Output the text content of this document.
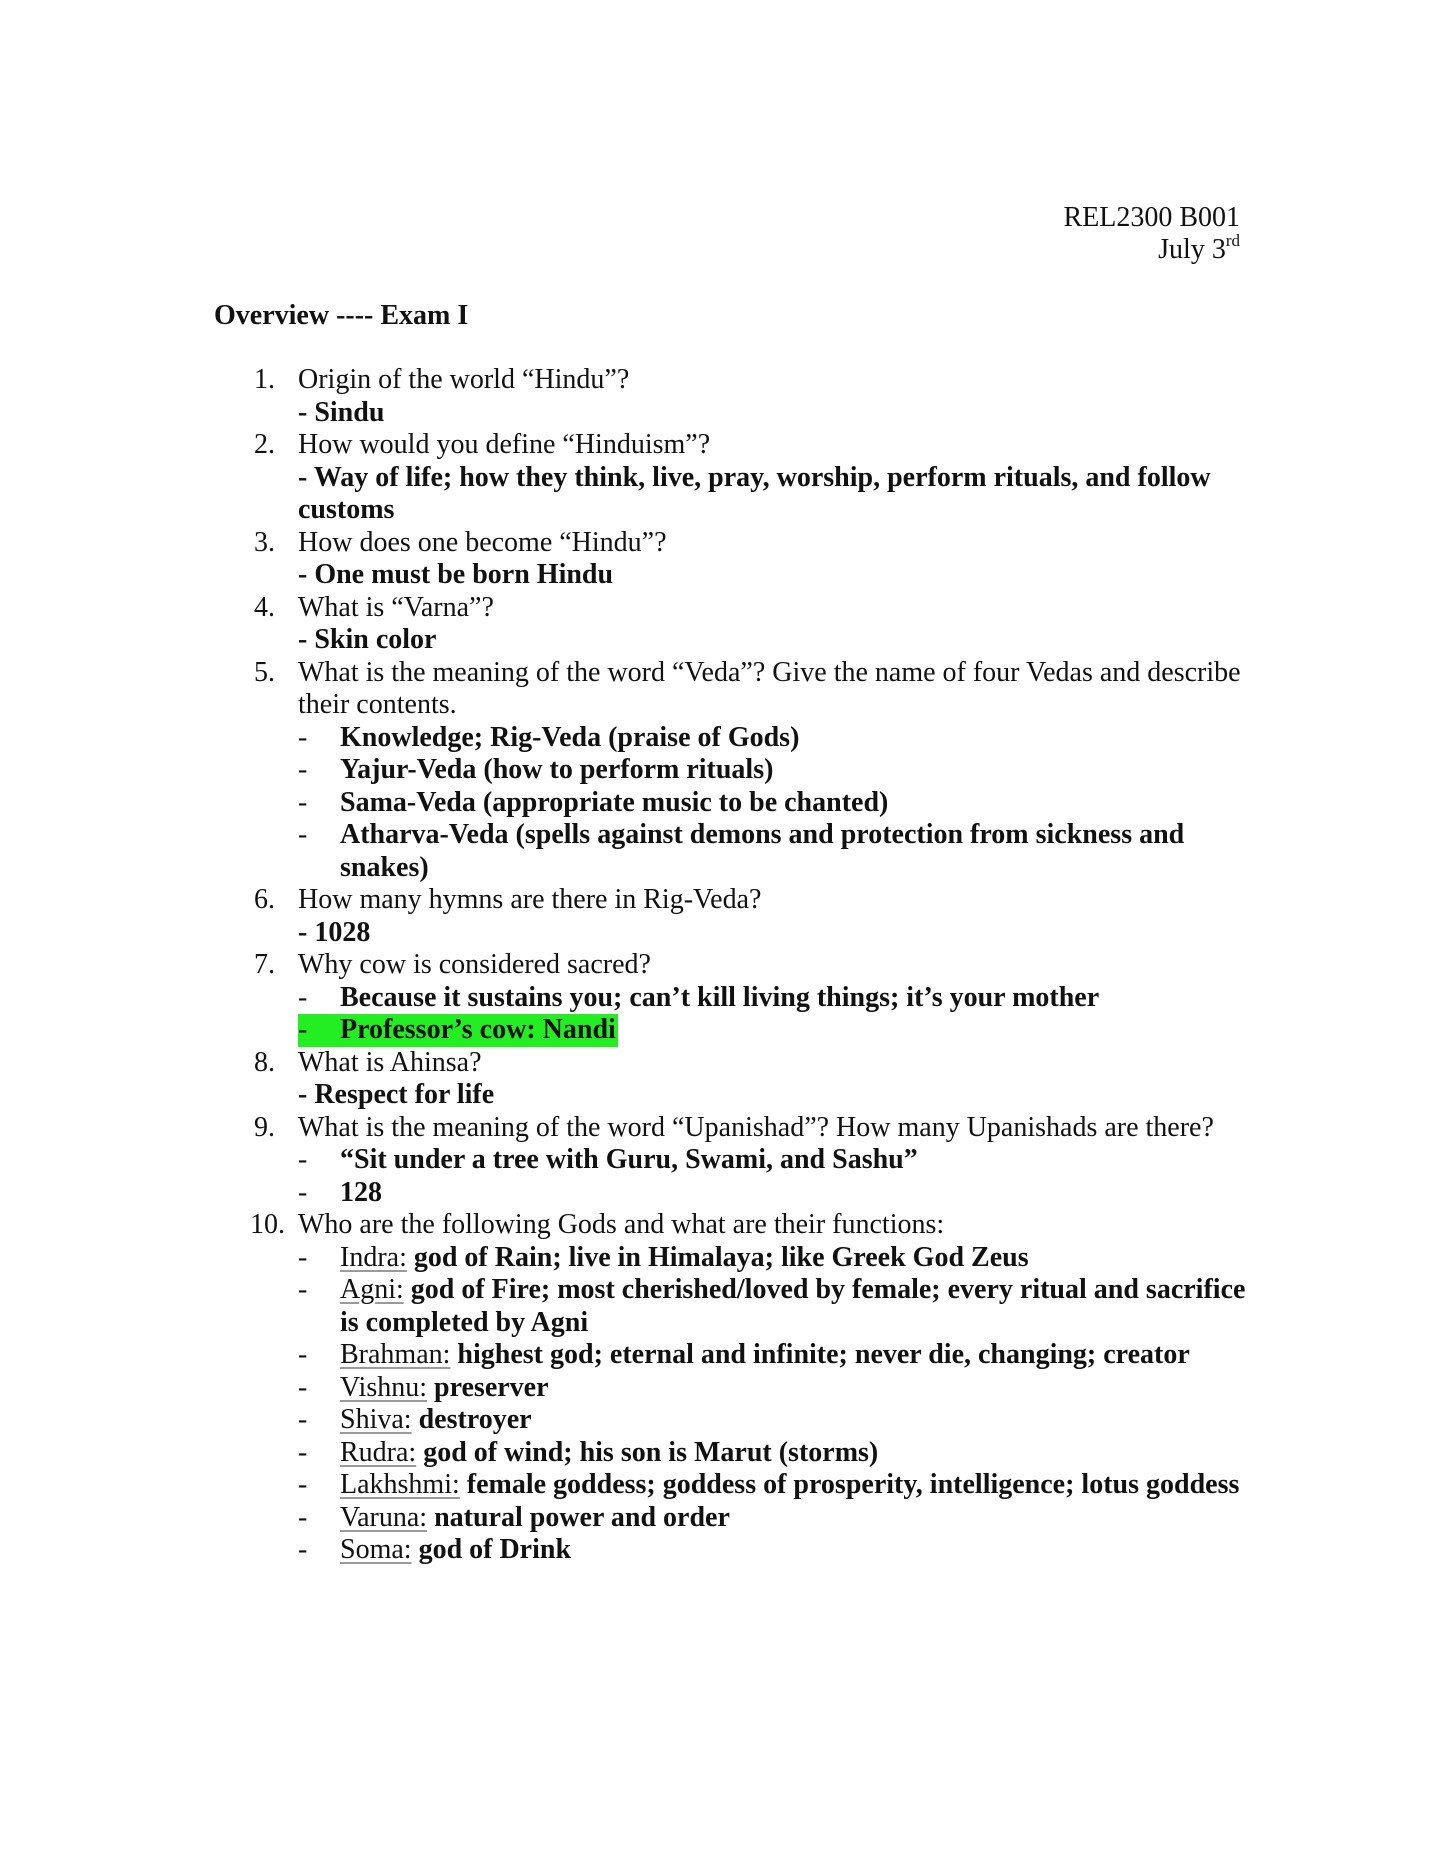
REL2300 B001
July 3rd
Overview ---- Exam I
1. Origin of the world “Hindu”?
- Sindu
2. How would you define “Hinduism”?
- Way of life; how they think, live, pray, worship, perform rituals, and follow customs
3. How does one become “Hindu”?
- One must be born Hindu
4. What is “Varna”?
- Skin color
5. What is the meaning of the word “Veda”? Give the name of four Vedas and describe their contents.
- Knowledge; Rig-Veda (praise of Gods)
- Yajur-Veda (how to perform rituals)
- Sama-Veda (appropriate music to be chanted)
- Atharva-Veda (spells against demons and protection from sickness and snakes)
6. How many hymns are there in Rig-Veda?
- 1028
7. Why cow is considered sacred?
- Because it sustains you; can’t kill living things; it’s your mother
- Professor’s cow: Nandi
8. What is Ahinsa?
- Respect for life
9. What is the meaning of the word “Upanishad”? How many Upanishads are there?
- “Sit under a tree with Guru, Swami, and Sashu”
- 128
10. Who are the following Gods and what are their functions:
- Indra: god of Rain; live in Himalaya; like Greek God Zeus
- Agni: god of Fire; most cherished/loved by female; every ritual and sacrifice is completed by Agni
- Brahman: highest god; eternal and infinite; never die, changing; creator
- Vishnu: preserver
- Shiva: destroyer
- Rudra: god of wind; his son is Marut (storms)
- Lakhshmi: female goddess; goddess of prosperity, intelligence; lotus goddess
- Varuna: natural power and order
- Soma: god of Drink
